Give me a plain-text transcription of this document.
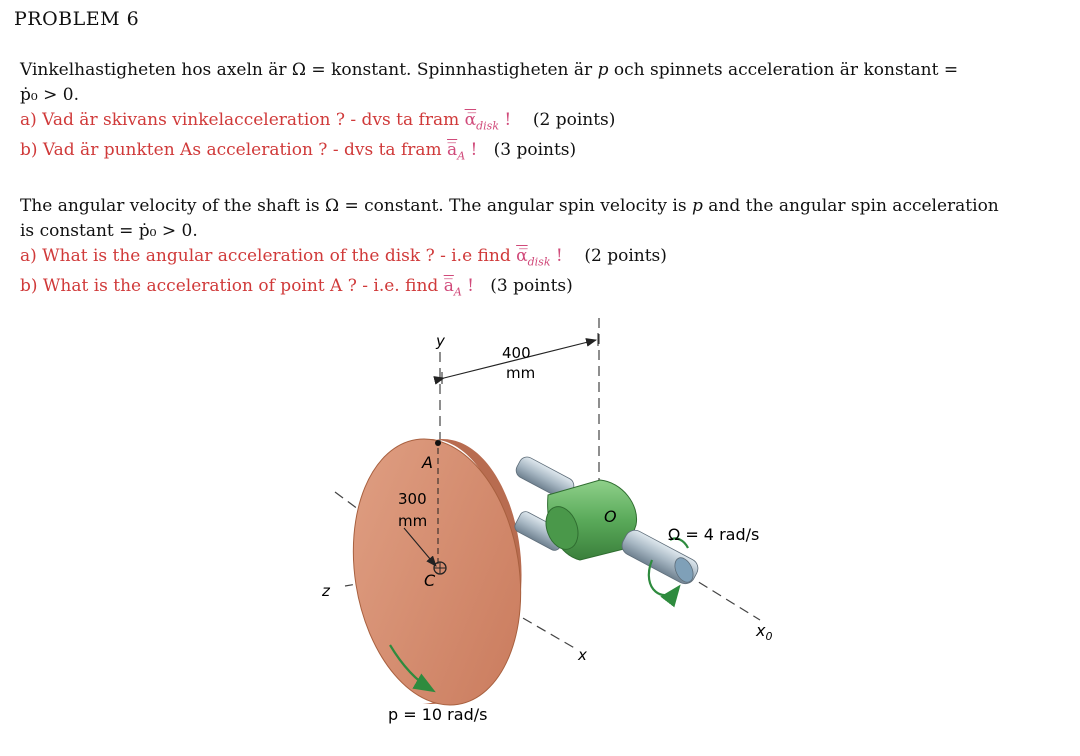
PROBLEM 6
Vinkelhastigheten hos axeln är Ω = konstant. Spinnhastigheten är p och spinnets acceleration är konstant =
ṗ₀ > 0.
a) Vad är skivans vinkelacceleration ? - dvs ta fram $\alpha̅_{disk}$ ! (2 points)
b) Vad är punkten As acceleration ? - dvs ta fram $a̅_A$ ! (3 points)
The angular velocity of the shaft is Ω = constant. The angular spin velocity is p and the angular spin acceleration
is constant = ṗ₀ > 0.
a) What is the angular acceleration of the disk ? - i.e find $\alpha̅_{disk}$ ! (2 points)
b) What is the acceleration of point A ? - i.e. find $a̅_A$ ! (3 points)
y
400
mm
A
300
mm
C
O
z
x
$x_0$
Ω = 4 rad/s
p = 10 rad/s
